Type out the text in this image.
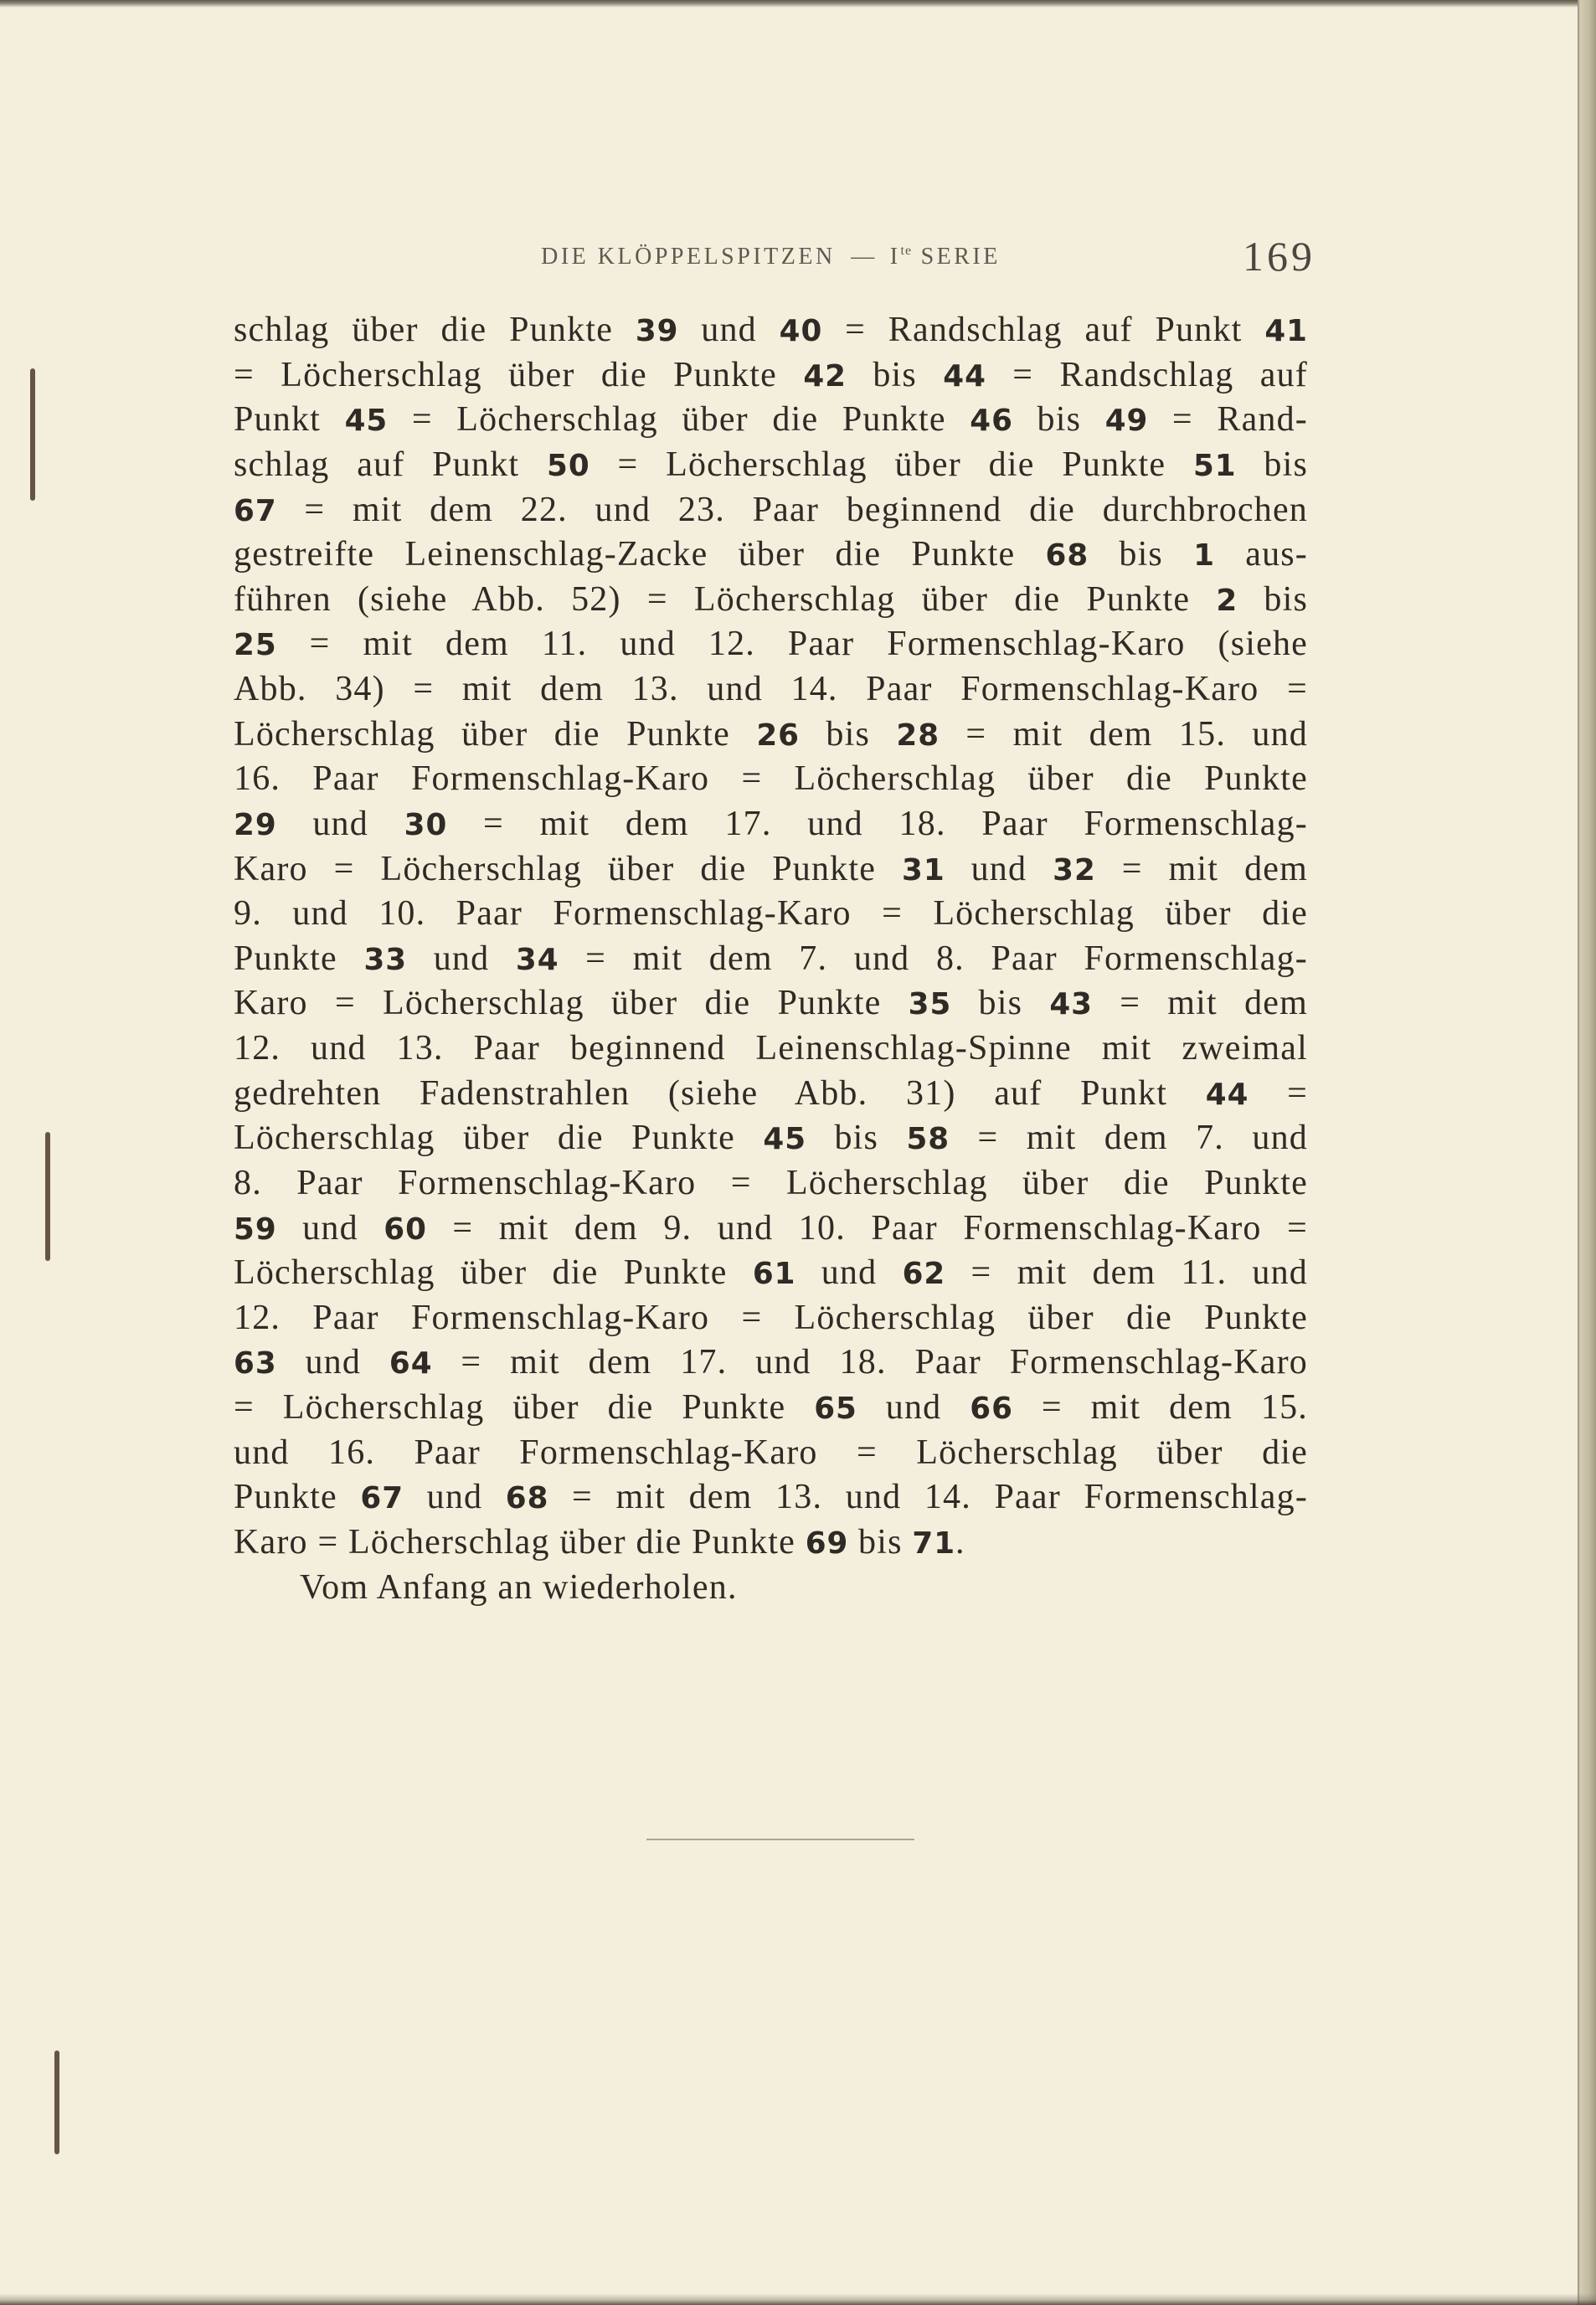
DIE KLÖPPELSPITZEN — $I^{te}$ SERIE	169
schlag über die Punkte 39 und 40 = Randschlag auf Punkt 41
= Löcherschlag über die Punkte 42 bis 44 = Randschlag auf
Punkt 45 = Löcherschlag über die Punkte 46 bis 49 = Rand-
schlag auf Punkt 50 = Löcherschlag über die Punkte 51 bis
67 = mit dem 22. und 23. Paar beginnend die durchbrochen
gestreifte Leinenschlag-Zacke über die Punkte 68 bis 1 aus-
führen (siehe Abb. 52) = Löcherschlag über die Punkte 2 bis
25 = mit dem 11. und 12. Paar Formenschlag-Karo (siehe
Abb. 34) = mit dem 13. und 14. Paar Formenschlag-Karo =
Löcherschlag über die Punkte 26 bis 28 = mit dem 15. und
16. Paar Formenschlag-Karo = Löcherschlag über die Punkte
29 und 30 = mit dem 17. und 18. Paar Formenschlag-
Karo = Löcherschlag über die Punkte 31 und 32 = mit dem
9. und 10. Paar Formenschlag-Karo = Löcherschlag über die
Punkte 33 und 34 = mit dem 7. und 8. Paar Formenschlag-
Karo = Löcherschlag über die Punkte 35 bis 43 = mit dem
12. und 13. Paar beginnend Leinenschlag-Spinne mit zweimal
gedrehten Fadenstrahlen (siehe Abb. 31) auf Punkt 44 =
Löcherschlag über die Punkte 45 bis 58 = mit dem 7. und
8. Paar Formenschlag-Karo = Löcherschlag über die Punkte
59 und 60 = mit dem 9. und 10. Paar Formenschlag-Karo =
Löcherschlag über die Punkte 61 und 62 = mit dem 11. und
12. Paar Formenschlag-Karo = Löcherschlag über die Punkte
63 und 64 = mit dem 17. und 18. Paar Formenschlag-Karo
= Löcherschlag über die Punkte 65 und 66 = mit dem 15.
und 16. Paar Formenschlag-Karo = Löcherschlag über die
Punkte 67 und 68 = mit dem 13. und 14. Paar Formenschlag-
Karo = Löcherschlag über die Punkte 69 bis 71.
Vom Anfang an wiederholen.
